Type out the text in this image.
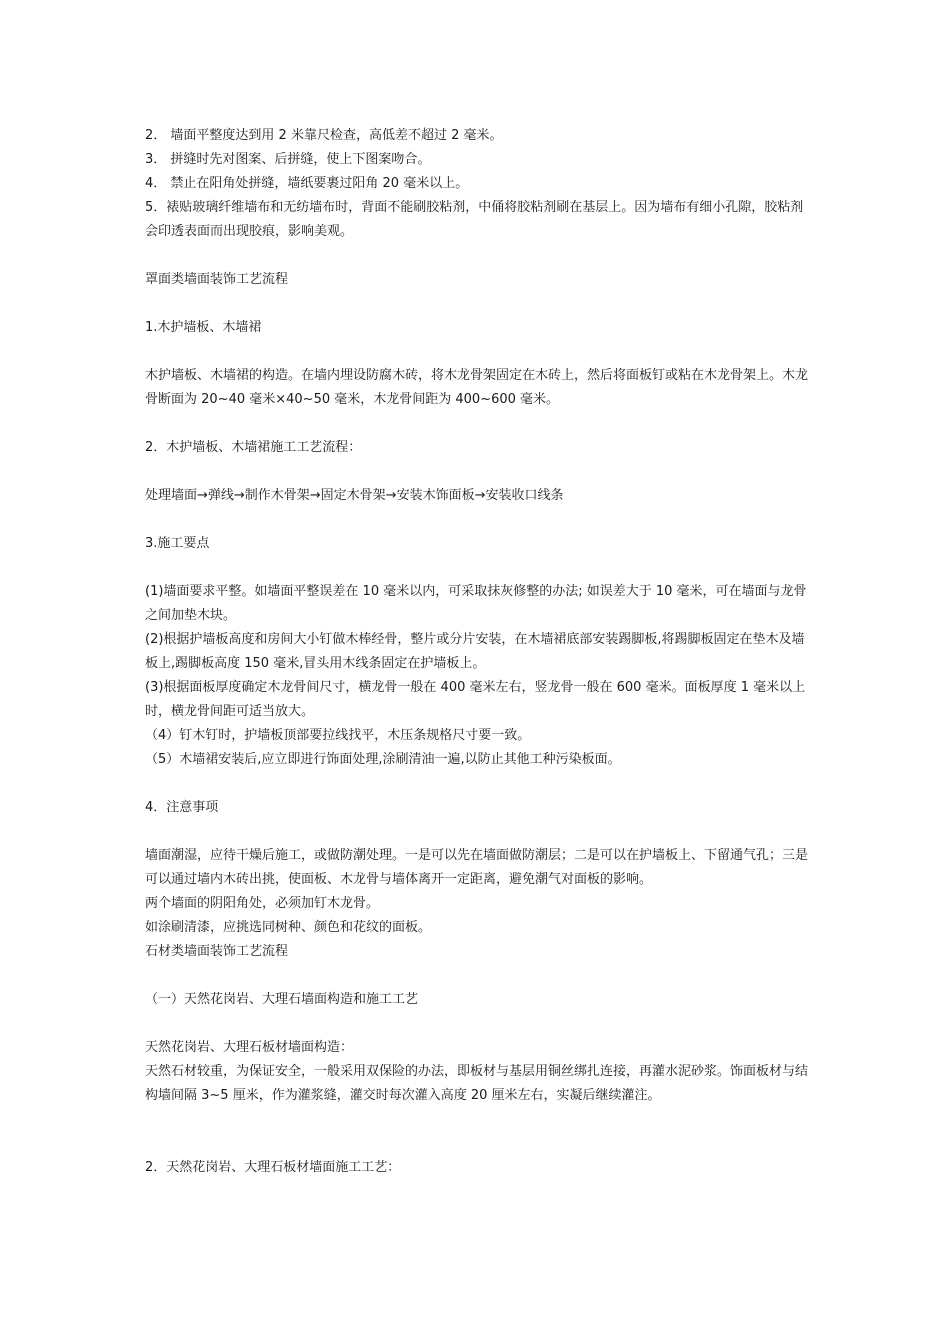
2． 墙面平整度达到用 2 米靠尺检查，高低差不超过 2 毫米。
3． 拼缝时先对图案、后拼缝，使上下图案吻合。
4． 禁止在阳角处拼缝，墙纸要裹过阳角 20 毫米以上。
5．裱贴玻璃纤维墙布和无纺墙布时，背面不能刷胶粘剂，中俑将胶粘剂刷在基层上。因为墙布有细小孔隙，胶粘剂会印透表面而出现胶痕，影响美观。
罩面类墙面装饰工艺流程
1.木护墙板、木墙裙
木护墙板、木墙裙的构造。在墙内埋设防腐木砖，将木龙骨架固定在木砖上，然后将面板钉或粘在木龙骨架上。木龙骨断面为 20~40 毫米×40~50 毫米，木龙骨间距为 400~600 毫米。
2．木护墙板、木墙裙施工工艺流程：
处理墙面→弹线→制作木骨架→固定木骨架→安装木饰面板→安装收口线条
3.施工要点
(1)墙面要求平整。如墙面平整误差在 10 毫米以内，可采取抹灰修整的办法; 如误差大于 10 毫米，可在墙面与龙骨之间加垫木块。
(2)根据护墙板高度和房间大小钉做木棒经骨，整片或分片安装，在木墙裙底部安装踢脚板,将踢脚板固定在垫木及墙板上,踢脚板高度 150 毫米,冒头用木线条固定在护墙板上。
(3)根据面板厚度确定木龙骨间尺寸，横龙骨一般在 400 毫米左右，竖龙骨一般在 600 毫米。面板厚度 1 毫米以上时，横龙骨间距可适当放大。
（4）钉木钉时，护墙板顶部要拉线找平，木压条规格尺寸要一致。
（5）木墙裙安装后,应立即进行饰面处理,涂刷清油一遍,以防止其他工种污染板面。
4．注意事项
墙面潮湿，应待干燥后施工，或做防潮处理。一是可以先在墙面做防潮层；二是可以在护墙板上、下留通气孔；三是可以通过墙内木砖出挑，使面板、木龙骨与墙体离开一定距离，避免潮气对面板的影响。
两个墙面的阴阳角处，必须加钉木龙骨。
如涂刷清漆，应挑选同树种、颜色和花纹的面板。
石材类墙面装饰工艺流程
（一）天然花岗岩、大理石墙面构造和施工工艺
天然花岗岩、大理石板材墙面构造：
天然石材较重，为保证安全，一般采用双保险的办法，即板材与基层用铜丝绑扎连接，再灌水泥砂浆。饰面板材与结构墙间隔 3~5 厘米，作为灌浆缝，灌交时每次灌入高度 20 厘米左右，实凝后继续灌注。
2．天然花岗岩、大理石板材墙面施工工艺：
